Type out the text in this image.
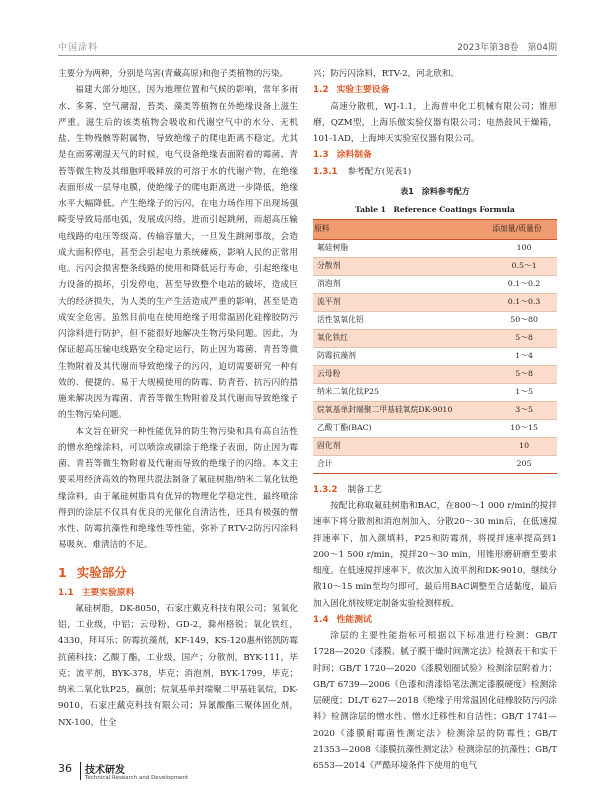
中国涂料	2023年第38卷　第04期

主要分为两种，分别是鸟害(青藏高原)和孢子类植物的污染。

福建大部分地区，因为地理位置和气候的影响，常年多雨水、多雾、空气潮湿，苔类、藻类等植物在外绝缘设备上滋生严重。滋生后的该类植物会吸收和代谢空气中的水分、无机盐、生物残骸等附属物，导致绝缘子的爬电距离不稳定。尤其是在雨雾潮湿天气的时候，电气设备绝缘表面附着的霉菌、青苔等微生物及其细胞呼吸释放的可溶于水的代谢产物，在绝缘表面形成一层导电膜，使绝缘子的爬电距离进一步降低，绝缘水平大幅降低。产生绝缘子的污闪，在电力场作用下出现场强畸变导致局部电弧，发展成闪络，进而引起跳闸，而超高压输电线路的电压等级高、传输容量大，一旦发生跳闸事故，会造成大面积停电，甚至会引起电力系统瘫痪，影响人民的正常用电。污闪会损害整条线路的使用和降低运行寿命，引起绝缘电力设备的损坏，引发停电，甚至导致整个电站的破坏，造成巨大的经济损失，为人类的生产生活造成严重的影响，甚至是造成安全危害。虽然目前电在使用绝缘子用常温固化硅橡胶防污闪涂料进行防护，但不能很好地解决生物污染问题。因此，为保证超高压输电线路安全稳定运行，防止因为霉菌、青苔等微生物附着及其代谢而导致绝缘子的污闪，迫切需要研究一种有效的、便捷的、易于大规模使用的防霉、防青苔、抗污闪的措施来解决因为霉菌、青苔等微生物附着及其代谢而导致绝缘子的生物污染问题。

本文旨在研究一种性能优异的防生物污染和具有高自洁性的憎水绝缘涂料，可以喷涂或刷涂于绝缘子表面，防止因为霉菌、青苔等微生物附着及代谢而导致的绝缘子的闪络。本文主要采用经济高效的物理共混法制备了氟硅树脂/纳米二氧化钛绝缘涂料，由于氟硅树脂具有优异的物理化学稳定性，最终喷涂得到的涂层不仅具有优良的光催化自清洁性，还具有极强的憎水性、防霉抗藻性和绝缘性等性能，弥补了RTV-2防污闪涂料易吸灰、难清洁的不足。

1 实验部分
1.1 主要实验原料

氟硅树脂，DK-8050，石家庄戴克科技有限公司；氢氧化铝，工业级，中铝；云母粉，GD-2，滁州格锐；氧化铁红，4330，拜耳乐；防霉抗藻剂，KF-149，KS-120惠州铭凯防霉抗菌科技；乙酸丁酯，工业级，国产；分散剂，BYK-111，毕克；流平剂，BYK-378，毕克；消泡剂，BYK-1799，毕克；纳米二氧化钛P25，赢创；烷氧基单封端聚二甲基硅氧烷，DK-9010，石家庄戴克科技有限公司；异氰酸酯三聚体固化剂，NX-100，仕全

兴；防污闪涂料，RTV-2，河北欣和。

1.2 实验主要设备

高速分散机，WJ-1.1，上海普申化工机械有限公司；锥形磨，QZM型，上海乐傲实验仪器有限公司；电热鼓风干燥箱，101-1AD，上海坤天实验室仪器有限公司。

1.3 涂料制备
1.3.1 参考配方(见表1)
表1　涂料参考配方
Table 1　Reference Coatings Formula
原料	添加量/质量份
氟硅树脂	100
分散剂	0.5～1
消泡剂	0.1～0.2
流平剂	0.1～0.3
活性氢氧化铝	50～80
氧化铁红	5～8
防霉抗藻剂	1～4
云母粉	5～8
纳米二氧化钛P25	1～5
烷氧基单封端聚二甲基硅氧烷DK-9010	3～5
乙酸丁酯(BAC)	10～15
固化剂	10
合计	205
1.3.2 制备工艺

按配比称取氟硅树脂和BAC，在800～1 000 r/min的搅拌速率下将分散剂和消泡剂加入，分散20～30 min后，在低速搅拌速率下，加入颜填料，P25和防霉剂，将搅拌速率提高到1 200～1 500 r/min，搅拌20～30 min，用锥形磨研磨至要求细度。在低速搅拌速率下，依次加入流平剂和DK-9010，继续分散10～15 min至均匀即可，最后用BAC调整至合适黏度，最后加入固化剂按规定制备实验检测样板。

1.4 性能测试

涂层的主要性能指标可根据以下标准进行检测：GB/T 1728—2020《漆膜、腻子膜干燥时间测定法》检测表干和实干时间；GB/T 1720—2020《漆膜划圈试验》检测涂层附着力；GB/T 6739—2006《色漆和清漆铅笔法测定漆膜硬度》检测涂层硬度；DL/T 627—2018《绝缘子用常温固化硅橡胶防污闪涂料》检测涂层的憎水性、憎水迁移性和自洁性；GB/T 1741—2020《漆膜耐霉菌性测定法》检测涂层的防霉性；GB/T 21353—2008《漆膜抗藻性测定法》检测涂层的抗藻性；GB/T 6553—2014《严酷环境条件下使用的电气

36 技术研发
Technical Research and Development
